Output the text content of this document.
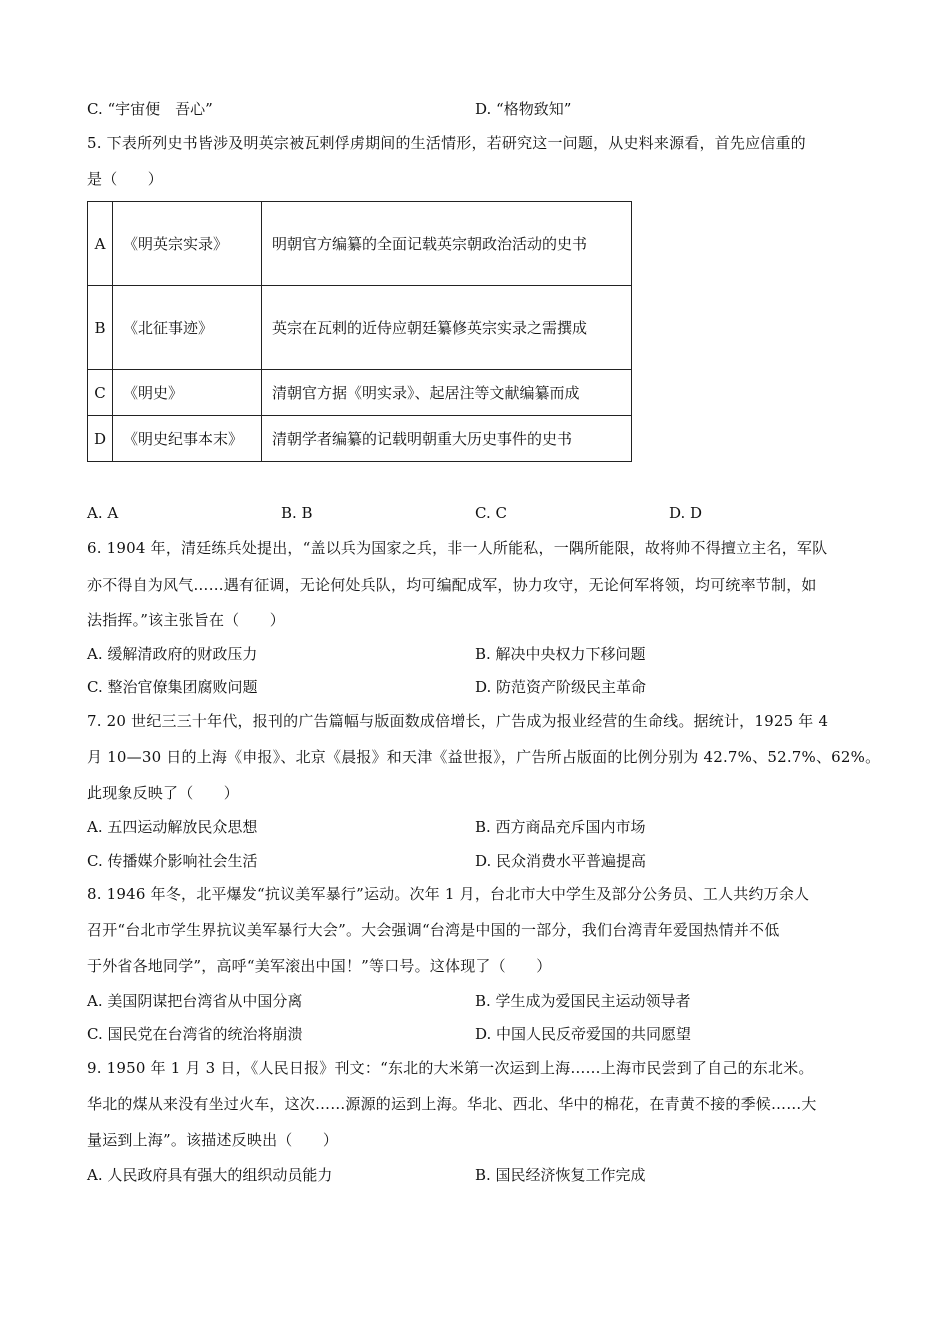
C. “宇宙便　吾心”	D. “格物致知”
5. 下表所列史书皆涉及明英宗被瓦剌俘虏期间的生活情形，若研究这一问题，从史料来源看，首先应信重的
是（　　）
A	《明英宗实录》	明朝官方编纂的全面记载英宗朝政治活动的史书
B	《北征事迹》	英宗在瓦剌的近侍应朝廷纂修英宗实录之需撰成
C	《明史》	清朝官方据《明实录》、起居注等文献编纂而成
D	《明史纪事本末》	清朝学者编纂的记载明朝重大历史事件的史书
A. A	B. B	C. C	D. D
6. 1904 年，清廷练兵处提出，“盖以兵为国家之兵，非一人所能私，一隅所能限，故将帅不得擅立主名，军队
亦不得自为风气……遇有征调，无论何处兵队，均可编配成军，协力攻守，无论何军将领，均可统率节制，如
法指挥。”该主张旨在（　　）
A. 缓解清政府的财政压力	B. 解决中央权力下移问题
C. 整治官僚集团腐败问题	D. 防范资产阶级民主革命
7. 20 世纪三三十年代，报刊的广告篇幅与版面数成倍增长，广告成为报业经营的生命线。据统计，1925 年 4
月 10—30 日的上海《申报》、北京《晨报》和天津《益世报》，广告所占版面的比例分别为 42.7%、52.7%、62%。
此现象反映了（　　）
A. 五四运动解放民众思想	B. 西方商品充斥国内市场
C. 传播媒介影响社会生活	D. 民众消费水平普遍提高
8. 1946 年冬，北平爆发“抗议美军暴行”运动。次年 1 月，台北市大中学生及部分公务员、工人共约万余人
召开“台北市学生界抗议美军暴行大会”。大会强调“台湾是中国的一部分，我们台湾青年爱国热情并不低
于外省各地同学”，高呼“美军滚出中国！”等口号。这体现了（　　）
A. 美国阴谋把台湾省从中国分离	B. 学生成为爱国民主运动领导者
C. 国民党在台湾省的统治将崩溃	D. 中国人民反帝爱国的共同愿望
9. 1950 年 1 月 3 日，《人民日报》刊文：“东北的大米第一次运到上海……上海市民尝到了自己的东北米。
华北的煤从来没有坐过火车，这次……源源的运到上海。华北、西北、华中的棉花，在青黄不接的季候……大
量运到上海”。该描述反映出（　　）
A. 人民政府具有强大的组织动员能力	B. 国民经济恢复工作完成
